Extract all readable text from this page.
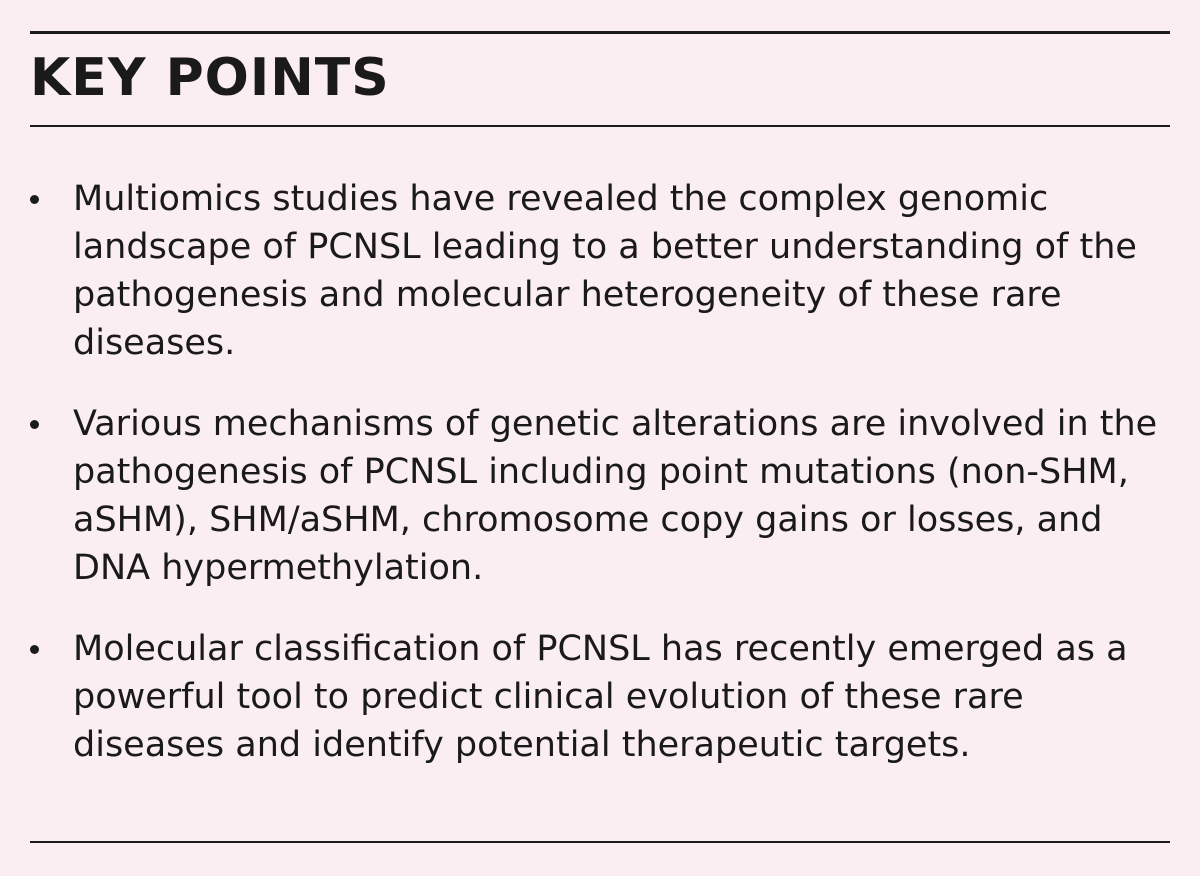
KEY POINTS
Multiomics studies have revealed the complex genomic landscape of PCNSL leading to a better understanding of the pathogenesis and molecular heterogeneity of these rare diseases.
Various mechanisms of genetic alterations are involved in the pathogenesis of PCNSL including point mutations (non-SHM, aSHM), SHM/aSHM, chromosome copy gains or losses, and DNA hypermethylation.
Molecular classification of PCNSL has recently emerged as a powerful tool to predict clinical evolution of these rare diseases and identify potential therapeutic targets.
